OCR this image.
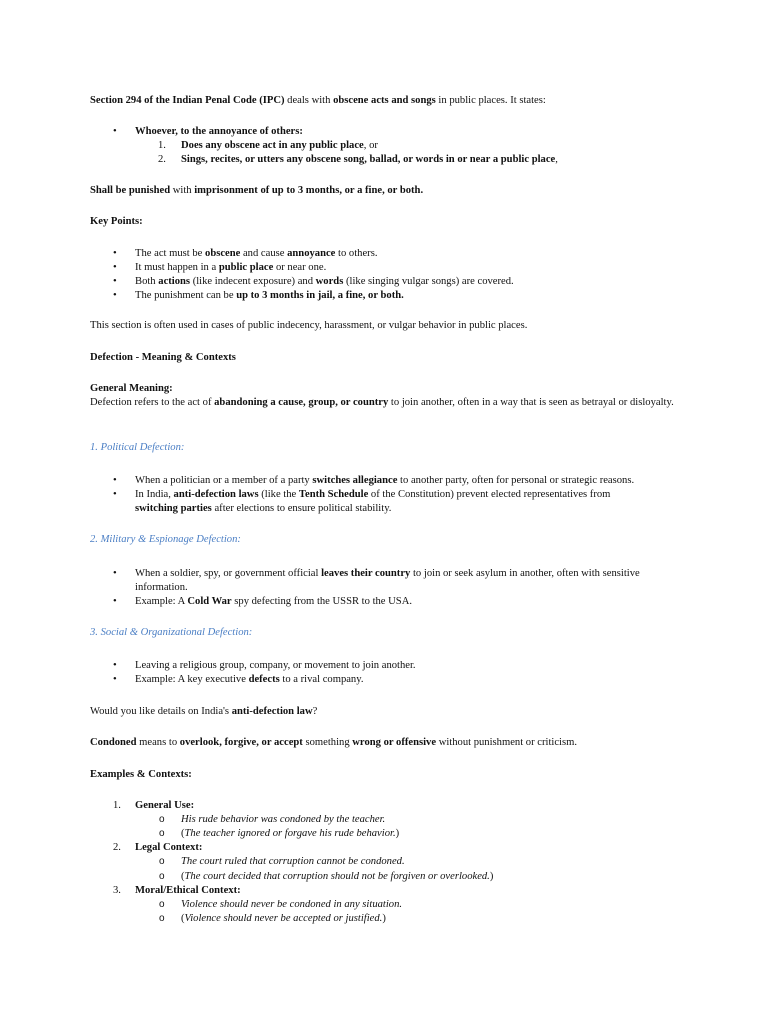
Section 294 of the Indian Penal Code (IPC) deals with obscene acts and songs in public places. It states:
• Whoever, to the annoyance of others:
1. Does any obscene act in any public place, or
2. Sings, recites, or utters any obscene song, ballad, or words in or near a public place,
Shall be punished with imprisonment of up to 3 months, or a fine, or both.
Key Points:
• The act must be obscene and cause annoyance to others.
• It must happen in a public place or near one.
• Both actions (like indecent exposure) and words (like singing vulgar songs) are covered.
• The punishment can be up to 3 months in jail, a fine, or both.
This section is often used in cases of public indecency, harassment, or vulgar behavior in public places.
Defection - Meaning & Contexts
General Meaning:
Defection refers to the act of abandoning a cause, group, or country to join another, often in a way that is seen as betrayal or disloyalty.
1. Political Defection:
• When a politician or a member of a party switches allegiance to another party, often for personal or strategic reasons.
• In India, anti-defection laws (like the Tenth Schedule of the Constitution) prevent elected representatives from switching parties after elections to ensure political stability.
2. Military & Espionage Defection:
• When a soldier, spy, or government official leaves their country to join or seek asylum in another, often with sensitive information.
• Example: A Cold War spy defecting from the USSR to the USA.
3. Social & Organizational Defection:
• Leaving a religious group, company, or movement to join another.
• Example: A key executive defects to a rival company.
Would you like details on India's anti-defection law?
Condoned means to overlook, forgive, or accept something wrong or offensive without punishment or criticism.
Examples & Contexts:
1. General Use:
o His rude behavior was condoned by the teacher.
o (The teacher ignored or forgave his rude behavior.)
2. Legal Context:
o The court ruled that corruption cannot be condoned.
o (The court decided that corruption should not be forgiven or overlooked.)
3. Moral/Ethical Context:
o Violence should never be condoned in any situation.
o (Violence should never be accepted or justified.)
